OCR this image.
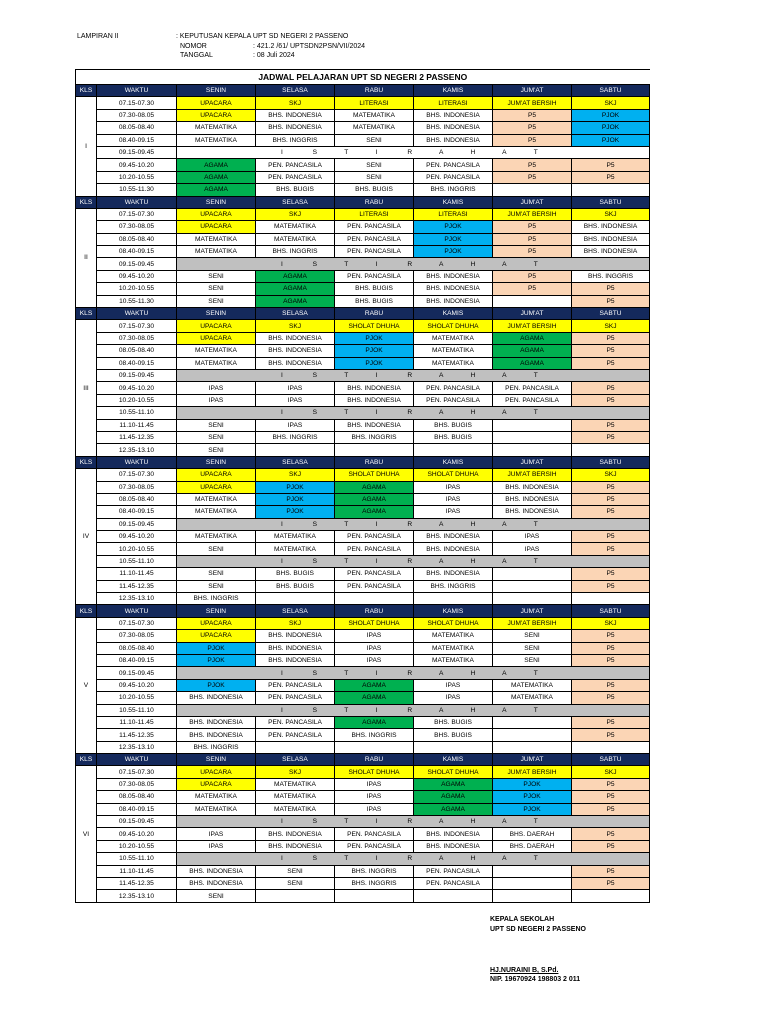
LAMPIRAN II	: KEPUTUSAN KEPALA UPT SD NEGERI 2 PASSENO
NOMOR	: 421.2 /61/ UPTSDN2PSN/VII/2024
TANGGAL	: 08 Juli 2024
JADWAL PELAJARAN UPT SD NEGERI 2 PASSENO							
KLS	WAKTU	SENIN	SELASA	RABU	KAMIS	JUM'AT	SABTU
I	07.15-07.30	UPACARA	SKJ	LITERASI	LITERASI	JUM'AT BERSIH	SKJ
	07.30-08.05	UPACARA	BHS. INDONESIA	MATEMATIKA	BHS. INDONESIA	P5	PJOK
	08.05-08.40	MATEMATIKA	BHS. INDONESIA	MATEMATIKA	BHS. INDONESIA	P5	PJOK
	08.40-09.15	MATEMATIKA	BHS. INGGRIS	SENI	BHS. INDONESIA	P5	PJOK
	09.15-09.45	I S T I R A H A T					
	09.45-10.20	AGAMA	PEN. PANCASILA	SENI	PEN. PANCASILA	P5	P5
	10.20-10.55	AGAMA	PEN. PANCASILA	SENI	PEN. PANCASILA	P5	P5
	10.55-11.30	AGAMA	BHS. BUGIS	BHS. BUGIS	BHS. INGGRIS		
KLS	WAKTU	SENIN	SELASA	RABU	KAMIS	JUM'AT	SABTU
II	07.15-07.30	UPACARA	SKJ	LITERASI	LITERASI	JUM'AT BERSIH	SKJ
	07.30-08.05	UPACARA	MATEMATIKA	PEN. PANCASILA	PJOK	P5	BHS. INDONESIA
	08.05-08.40	MATEMATIKA	MATEMATIKA	PEN. PANCASILA	PJOK	P5	BHS. INDONESIA
	08.40-09.15	MATEMATIKA	BHS. INGGRIS	PEN. PANCASILA	PJOK	P5	BHS. INDONESIA
	09.15-09.45	I S T I R A H A T					
	09.45-10.20	SENI	AGAMA	PEN. PANCASILA	BHS. INDONESIA	P5	BHS. INGGRIS
	10.20-10.55	SENI	AGAMA	BHS. BUGIS	BHS. INDONESIA	P5	P5
	10.55-11.30	SENI	AGAMA	BHS. BUGIS	BHS. INDONESIA		P5
KLS	WAKTU	SENIN	SELASA	RABU	KAMIS	JUM'AT	SABTU
III	07.15-07.30	UPACARA	SKJ	SHOLAT DHUHA	SHOLAT DHUHA	JUM'AT BERSIH	SKJ
	07.30-08.05	UPACARA	BHS. INDONESIA	PJOK	MATEMATIKA	AGAMA	P5
	08.05-08.40	MATEMATIKA	BHS. INDONESIA	PJOK	MATEMATIKA	AGAMA	P5
	08.40-09.15	MATEMATIKA	BHS. INDONESIA	PJOK	MATEMATIKA	AGAMA	P5
	09.15-09.45	I S T I R A H A T					
	09.45-10.20	IPAS	IPAS	BHS. INDONESIA	PEN. PANCASILA	PEN. PANCASILA	P5
	10.20-10.55	IPAS	IPAS	BHS. INDONESIA	PEN. PANCASILA	PEN. PANCASILA	P5
	10.55-11.10	I S T I R A H A T					
	11.10-11.45	SENI	IPAS	BHS. INDONESIA	BHS. BUGIS		P5
	11.45-12.35	SENI	BHS. INGGRIS	BHS. INGGRIS	BHS. BUGIS		P5
	12.35-13.10	SENI					
KLS	WAKTU	SENIN	SELASA	RABU	KAMIS	JUM'AT	SABTU
IV	07.15-07.30	UPACARA	SKJ	SHOLAT DHUHA	SHOLAT DHUHA	JUM'AT BERSIH	SKJ
	07.30-08.05	UPACARA	PJOK	AGAMA	IPAS	BHS. INDONESIA	P5
	08.05-08.40	MATEMATIKA	PJOK	AGAMA	IPAS	BHS. INDONESIA	P5
	08.40-09.15	MATEMATIKA	PJOK	AGAMA	IPAS	BHS. INDONESIA	P5
	09.15-09.45	I S T I R A H A T					
	09.45-10.20	MATEMATIKA	MATEMATIKA	PEN. PANCASILA	BHS. INDONESIA	IPAS	P5
	10.20-10.55	SENI	MATEMATIKA	PEN. PANCASILA	BHS. INDONESIA	IPAS	P5
	10.55-11.10	I S T I R A H A T					
	11.10-11.45	SENI	BHS. BUGIS	PEN. PANCASILA	BHS. INDONESIA		P5
	11.45-12.35	SENI	BHS. BUGIS	PEN. PANCASILA	BHS. INGGRIS		P5
	12.35-13.10	BHS. INGGRIS					
KLS	WAKTU	SENIN	SELASA	RABU	KAMIS	JUM'AT	SABTU
V	07.15-07.30	UPACARA	SKJ	SHOLAT DHUHA	SHOLAT DHUHA	JUM'AT BERSIH	SKJ
	07.30-08.05	UPACARA	BHS. INDONESIA	IPAS	MATEMATIKA	SENI	P5
	08.05-08.40	PJOK	BHS. INDONESIA	IPAS	MATEMATIKA	SENI	P5
	08.40-09.15	PJOK	BHS. INDONESIA	IPAS	MATEMATIKA	SENI	P5
	09.15-09.45	I S T I R A H A T					
	09.45-10.20	PJOK	PEN. PANCASILA	AGAMA	IPAS	MATEMATIKA	P5
	10.20-10.55	BHS. INDONESIA	PEN. PANCASILA	AGAMA	IPAS	MATEMATIKA	P5
	10.55-11.10	I S T I R A H A T					
	11.10-11.45	BHS. INDONESIA	PEN. PANCASILA	AGAMA	BHS. BUGIS		P5
	11.45-12.35	BHS. INDONESIA	PEN. PANCASILA	BHS. INGGRIS	BHS. BUGIS		P5
	12.35-13.10	BHS. INGGRIS					
KLS	WAKTU	SENIN	SELASA	RABU	KAMIS	JUM'AT	SABTU
VI	07.15-07.30	UPACARA	SKJ	SHOLAT DHUHA	SHOLAT DHUHA	JUM'AT BERSIH	SKJ
	07.30-08.05	UPACARA	MATEMATIKA	IPAS	AGAMA	PJOK	P5
	08.05-08.40	MATEMATIKA	MATEMATIKA	IPAS	AGAMA	PJOK	P5
	08.40-09.15	MATEMATIKA	MATEMATIKA	IPAS	AGAMA	PJOK	P5
	09.15-09.45	I S T I R A H A T					
	09.45-10.20	IPAS	BHS. INDONESIA	PEN. PANCASILA	BHS. INDONESIA	BHS. DAERAH	P5
	10.20-10.55	IPAS	BHS. INDONESIA	PEN. PANCASILA	BHS. INDONESIA	BHS. DAERAH	P5
	10.55-11.10	I S T I R A H A T					
	11.10-11.45	BHS. INDONESIA	SENI	BHS. INGGRIS	PEN. PANCASILA		P5
	11.45-12.35	BHS. INDONESIA	SENI	BHS. INGGRIS	PEN. PANCASILA		P5
	12.35-13.10	SENI					
KEPALA SEKOLAH
UPT SD NEGERI 2 PASSENO
HJ.NURAINI B, S.Pd.
NIP. 19670924 198803 2 011
